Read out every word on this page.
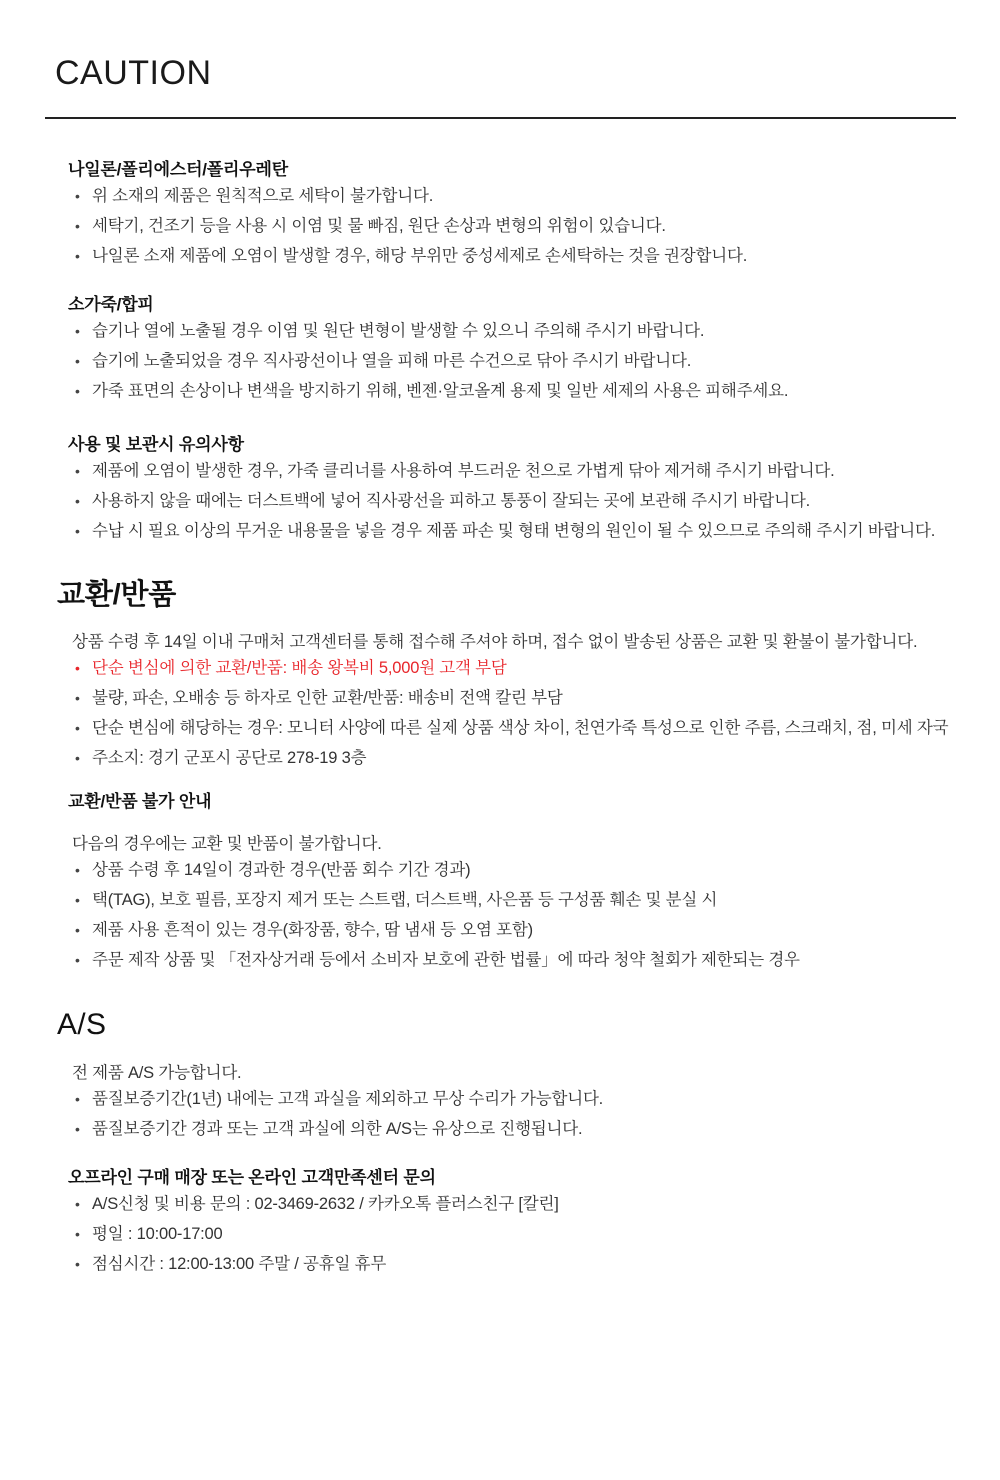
CAUTION
나일론/폴리에스터/폴리우레탄
•
위 소재의 제품은 원칙적으로 세탁이 불가합니다.
•
세탁기, 건조기 등을 사용 시 이염 및 물 빠짐, 원단 손상과 변형의 위험이 있습니다.
•
나일론 소재 제품에 오염이 발생할 경우, 해당 부위만 중성세제로 손세탁하는 것을 권장합니다.
소가죽/합피
•
습기나 열에 노출될 경우 이염 및 원단 변형이 발생할 수 있으니 주의해 주시기 바랍니다.
•
습기에 노출되었을 경우 직사광선이나 열을 피해 마른 수건으로 닦아 주시기 바랍니다.
•
가죽 표면의 손상이나 변색을 방지하기 위해, 벤젠·알코올계 용제 및 일반 세제의 사용은 피해주세요.
사용 및 보관시 유의사항
•
제품에 오염이 발생한 경우, 가죽 클리너를 사용하여 부드러운 천으로 가볍게 닦아 제거해 주시기 바랍니다.
•
사용하지 않을 때에는 더스트백에 넣어 직사광선을 피하고 통풍이 잘되는 곳에 보관해 주시기 바랍니다.
•
수납 시 필요 이상의 무거운 내용물을 넣을 경우 제품 파손 및 형태 변형의 원인이 될 수 있으므로 주의해 주시기 바랍니다.
교환/반품

상품 수령 후 14일 이내 구매처 고객센터를 통해 접수해 주셔야 하며, 접수 없이 발송된 상품은 교환 및 환불이 불가합니다.

•
단순 변심에 의한 교환/반품: 배송 왕복비 5,000원 고객 부담
•
불량, 파손, 오배송 등 하자로 인한 교환/반품: 배송비 전액 칼린 부담
•
단순 변심에 해당하는 경우: 모니터 사양에 따른 실제 상품 색상 차이, 천연가죽 특성으로 인한 주름, 스크래치, 점, 미세 자국
•
주소지: 경기 군포시 공단로 278-19 3층
교환/반품 불가 안내

다음의 경우에는 교환 및 반품이 불가합니다.

•
상품 수령 후 14일이 경과한 경우(반품 회수 기간 경과)
•
택(TAG), 보호 필름, 포장지 제거 또는 스트랩, 더스트백, 사은품 등 구성품 훼손 및 분실 시
•
제품 사용 흔적이 있는 경우(화장품, 향수, 땀 냄새 등 오염 포함)
•
주문 제작 상품 및 「전자상거래 등에서 소비자 보호에 관한 법률」에 따라 청약 철회가 제한되는 경우
A/S

전 제품 A/S 가능합니다.

•
품질보증기간(1년) 내에는 고객 과실을 제외하고 무상 수리가 가능합니다.
•
품질보증기간 경과 또는 고객 과실에 의한 A/S는 유상으로 진행됩니다.
오프라인 구매 매장 또는 온라인 고객만족센터 문의
•
A/S신청 및 비용 문의 : 02-3469-2632 / 카카오톡 플러스친구 [칼린]
•
평일 : 10:00-17:00
•
점심시간 : 12:00-13:00 주말 / 공휴일 휴무
